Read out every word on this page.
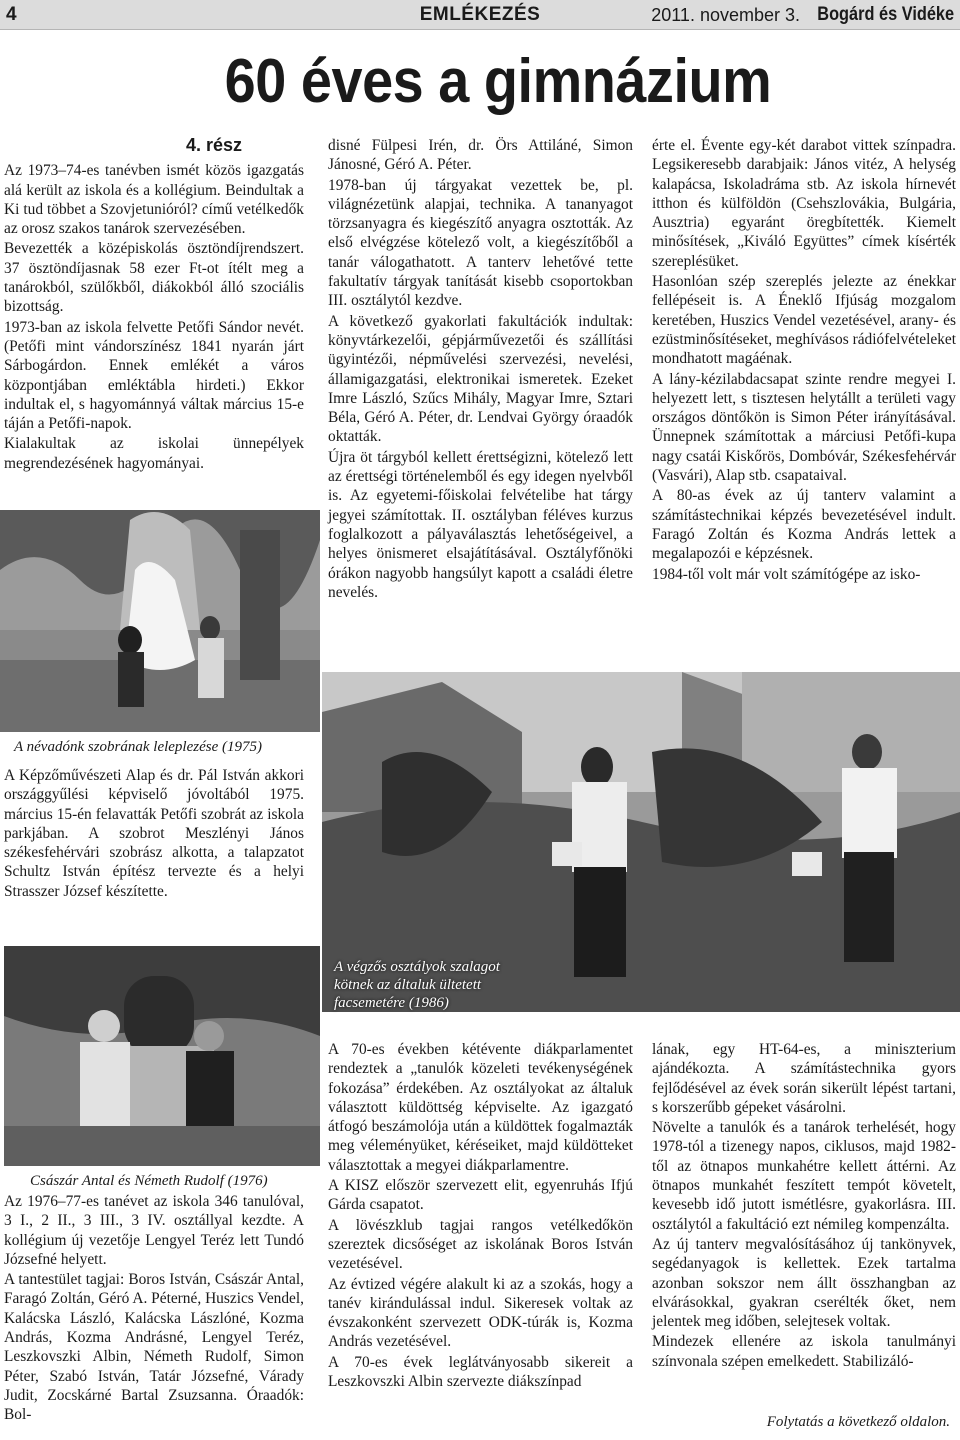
4	EMLÉKEZÉS	2011. november 3. Bogárd és Vidéke
60 éves a gimnázium
4. rész

Az 1973–74-es tanévben ismét közös igazgatás alá került az iskola és a kollégium. Beindultak a Ki tud többet a Szovjetunióról? című vetélkedők az orosz szakos tanárok szervezésében.

Bevezették a középiskolás ösztöndíjrendszert. 37 ösztöndíjasnak 58 ezer Ft-ot ítélt meg a tanárokból, szülőkből, diákokból álló szociális bizottság.

1973-ban az iskola felvette Petőfi Sándor nevét. (Petőfi mint vándorszínész 1841 nyarán járt Sárbogárdon. Ennek emlékét a város központjában emléktábla hirdeti.) Ekkor indultak el, s hagyománnyá váltak március 15-e táján a Petőfi-napok.

Kialakultak az iskolai ünnepélyek megrendezésének hagyományai.

A névadónk szobrának leleplezése (1975)

A Képzőművészeti Alap és dr. Pál István akkori országgyűlési képviselő jóvoltából 1975. március 15-én felavatták Petőfi szobrát az iskola parkjában. A szobrot Meszlényi János székesfehérvári szobrász alkotta, a talapzatot Schultz István építész tervezte és a helyi Strasszer József készítette.

Császár Antal és Németh Rudolf (1976)

Az 1976–77-es tanévet az iskola 346 tanulóval, 3 I., 2 II., 3 III., 3 IV. osztállyal kezdte. A kollégium új vezetője Lengyel Teréz lett Tundó Józsefné helyett.

A tantestület tagjai: Boros István, Császár Antal, Faragó Zoltán, Géró A. Péterné, Huszics Vendel, Kalácska László, Kalácska Lászlóné, Kozma András, Kozma Andrásné, Lengyel Teréz, Leszkovszki Albin, Németh Rudolf, Simon Péter, Szabó István, Tatár Józsefné, Várady Judit, Zocskárné Bartal Zsuzsanna. Óraadók: Bol-

disné Fülpesi Irén, dr. Örs Attiláné, Simon Jánosné, Géró A. Péter.

1978-ban új tárgyakat vezettek be, pl. világnézetünk alapjai, technika. A tananyagot törzsanyagra és kiegészítő anyagra osztották. Az első elvégzése kötelező volt, a kiegészítőből a tanár válogathatott. A tanterv lehetővé tette fakultatív tárgyak tanítását kisebb csoportokban III. osztálytól kezdve.

A következő gyakorlati fakultációk indultak: könyvtárkezelői, gépjárművezetői és szállítási ügyintézői, népművelési szervezési, nevelési, államigazgatási, elektronikai ismeretek. Ezeket Imre László, Szűcs Mihály, Magyar Imre, Sztari Béla, Géró A. Péter, dr. Lendvai György óraadók oktatták.

Újra öt tárgyból kellett érettségizni, kötelező lett az érettségi történelemből és egy idegen nyelvből is. Az egyetemi-főiskolai felvételibe hat tárgy jegyei számítottak. II. osztályban féléves kurzus foglalkozott a pályaválasztás lehetőségeivel, a helyes önismeret elsajátításával. Osztályfőnöki órákon nagyobb hangsúlyt kapott a családi életre nevelés.

érte el. Évente egy-két darabot vittek színpadra. Legsikeresebb darabjaik: János vitéz, A helység kalapácsa, Iskoladráma stb. Az iskola hírnevét itthon és külföldön (Csehszlovákia, Bulgária, Ausztria) egyaránt öregbítették. Kiemelt minősítések, „Kiváló Együttes” címek kísérték szereplésüket.

Hasonlóan szép szereplés jelezte az énekkar fellépéseit is. A Éneklő Ifjúság mozgalom keretében, Huszics Vendel vezetésével, arany- és ezüstminősítéseket, meghívásos rádiófelvételeket mondhatott magáénak.

A lány-kézilabdacsapat szinte rendre megyei I. helyezett lett, s tisztesen helytállt a területi vagy országos döntőkön is Simon Péter irányításával. Ünnepnek számítottak a márciusi Petőfi-kupa nagy csatái Kiskőrös, Dombóvár, Székesfehérvár (Vasvári), Alap stb. csapataival.

A 80-as évek az új tanterv valamint a számítástechnikai képzés bevezetésével indult. Faragó Zoltán és Kozma András lettek a megalapozói e képzésnek.

1984-től volt már volt számítógépe az isko-

A végzős osztályok szalagot kötnek az általuk ültetett facsemetére (1986)

A 70-es években kétévente diákparlamentet rendeztek a „tanulók közeleti tevékenységének fokozása” érdekében. Az osztályokat az általuk választott küldöttség képviselte. Az igazgató átfogó beszámolója után a küldöttek fogalmazták meg véleményüket, kéréseiket, majd küldötteket választottak a megyei diákparlamentre.

A KISZ először szervezett elit, egyenruhás Ifjú Gárda csapatot.

A lövészklub tagjai rangos vetélkedőkön szereztek dicsőséget az iskolának Boros István vezetésével.

Az évtized végére alakult ki az a szokás, hogy a tanév kirándulással indul. Sikeresek voltak az évszakonként szervezett ODK-túrák is, Kozma András vezetésével.

A 70-es évek leglátványosabb sikereit a Leszkovszki Albin szervezte diákszínpad

lának, egy HT-64-es, a miniszterium ajándékozta. A számítástechnika gyors fejlődésével az évek során sikerült lépést tartani, s korszerűbb gépeket vásárolni.

Növelte a tanulók és a tanárok terhelését, hogy 1978-tól a tizenegy napos, ciklusos, majd 1982-től az ötnapos munkahétre kellett áttérni. Az ötnapos munkahét feszített tempót követelt, kevesebb idő jutott ismétlésre, gyakorlásra. III. osztálytól a fakultáció ezt némileg kompenzálta.

Az új tanterv megvalósításához új tankönyvek, segédanyagok is kellettek. Ezek tartalma azonban sokszor nem állt összhangban az elvárásokkal, gyakran cserélték őket, nem jelentek meg időben, selejtesek voltak.

Mindezek ellenére az iskola tanulmányi színvonala szépen emelkedett. Stabilizáló-

Folytatás a következő oldalon.
